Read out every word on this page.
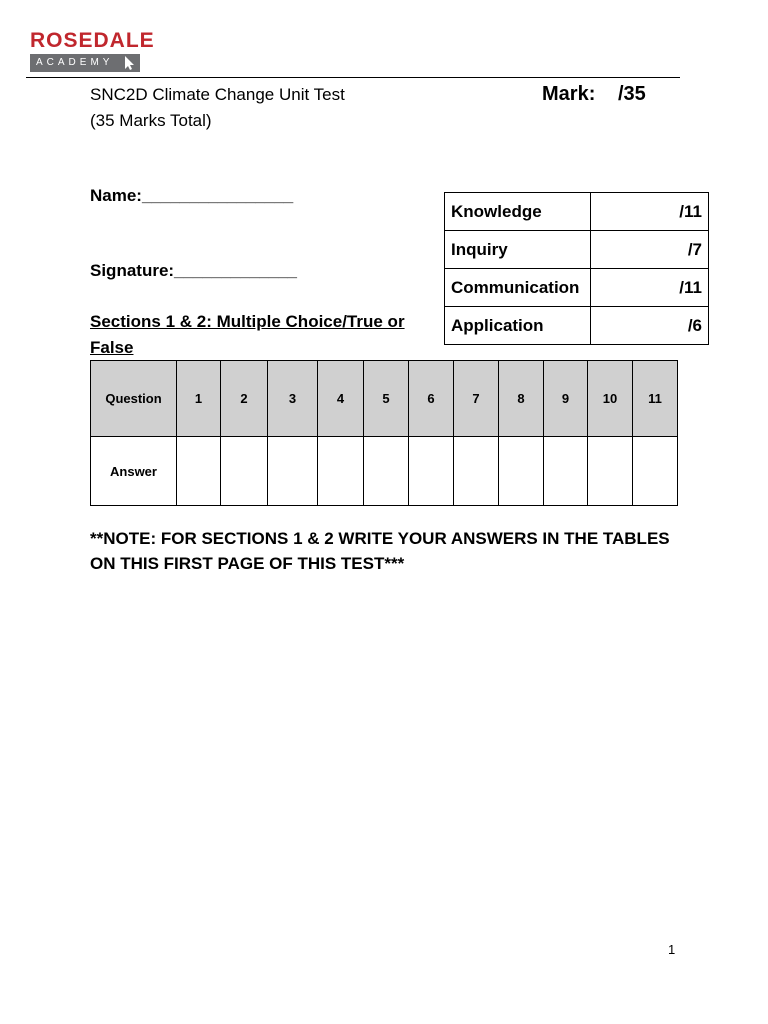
ROSEDALE
ACADEMY
SNC2D Climate Change Unit Test
(35 Marks Total)
Mark: /35
Name:________________
Signature:_____________
Sections 1 & 2: Multiple Choice/True or
False
Knowledge	/11
Inquiry	/7
Communication	/11
Application	/6
Question	1	2	3	4	5	6	7	8	9	10	11
Answer											
**NOTE: FOR SECTIONS 1 & 2 WRITE YOUR ANSWERS IN THE TABLES
ON THIS FIRST PAGE OF THIS TEST***
1
